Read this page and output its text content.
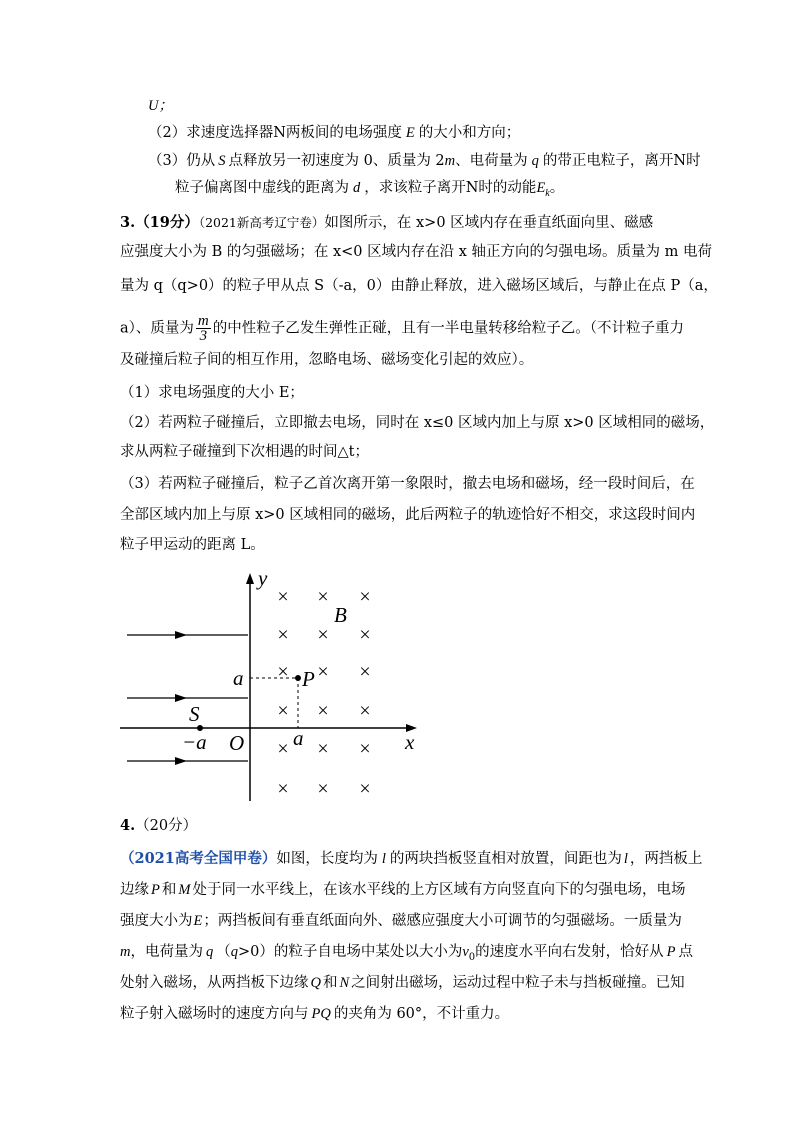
U；
（2）求速度选择器N两板间的电场强度 E 的大小和方向；
（3）仍从 S 点释放另一初速度为 0、质量为 2m、电荷量为 q 的带正电粒子，离开N时
粒子偏离图中虚线的距离为 d ，求该粒子离开N时的动能$E_k$。
3.（19分）（2021新高考辽宁卷）如图所示，在 x>0 区域内存在垂直纸面向里、磁感
应强度大小为 B 的匀强磁场；在 x<0 区域内存在沿 x 轴正方向的匀强电场。质量为 m 电荷
量为 q（q>0）的粒子甲从点 S（-a，0）由静止释放，进入磁场区域后，与静止在点 P（a，
a）、质量为 $\frac{m}{3}$ 的中性粒子乙发生弹性正碰，且有一半电量转移给粒子乙。（不计粒子重力
及碰撞后粒子间的相互作用，忽略电场、磁场变化引起的效应）。
（1）求电场强度的大小 E；
（2）若两粒子碰撞后，立即撤去电场，同时在 x≤0 区域内加上与原 x>0 区域相同的磁场，
求从两粒子碰撞到下次相遇的时间△t；
（3）若两粒子碰撞后，粒子乙首次离开第一象限时，撤去电场和磁场，经一段时间后，在
全部区域内加上与原 x>0 区域相同的磁场，此后两粒子的轨迹恰好不相交，求这段时间内
粒子甲运动的距离 L。
× × ×
× × ×
× × ×
× × ×
× × ×
× × ×
y
x
O
B
P
S
a
a
−a
4.（20分）
（2021高考全国甲卷）如图，长度均为 l 的两块挡板竖直相对放置，间距也为 l ，两挡板上
边缘 P 和 M 处于同一水平线上，在该水平线的上方区域有方向竖直向下的匀强电场，电场
强度大小为E；两挡板间有垂直纸面向外、磁感应强度大小可调节的匀强磁场。一质量为
m，电荷量为 q （q>0）的粒子自电场中某处以大小为$v_0$的速度水平向右发射，恰好从 P 点
处射入磁场，从两挡板下边缘 Q 和 N 之间射出磁场，运动过程中粒子未与挡板碰撞。已知
粒子射入磁场时的速度方向与 PQ 的夹角为 60°，不计重力。
